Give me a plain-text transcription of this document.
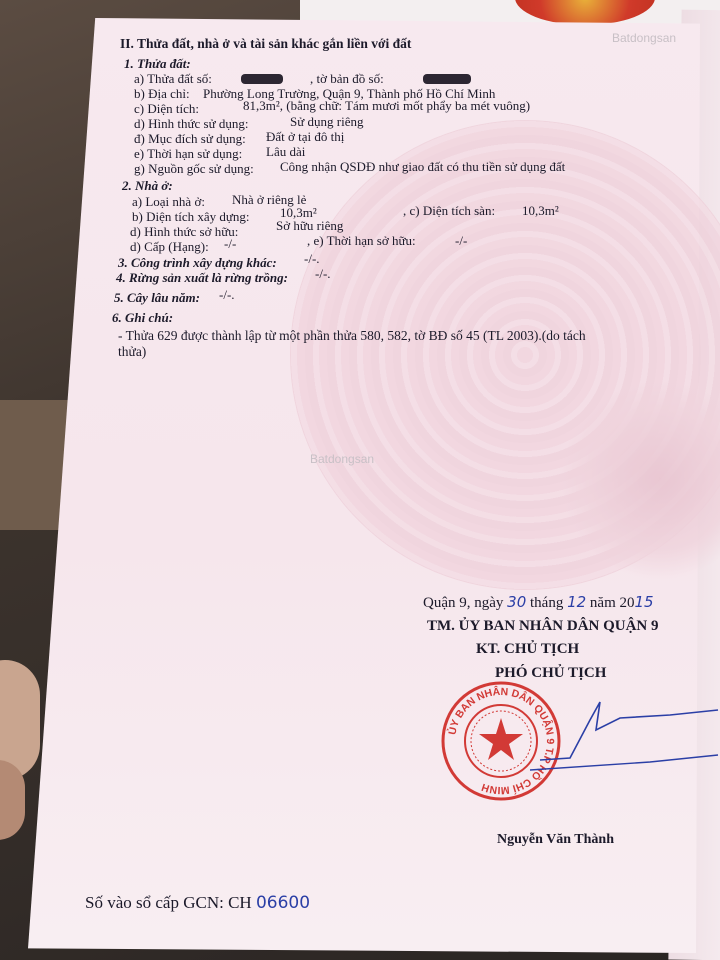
II. Thửa đất, nhà ở và tài sản khác gắn liền với đất
1. Thửa đất:
a) Thửa đất số:	, tờ bản đồ số:
b) Địa chỉ: Phường Long Trường, Quận 9, Thành phố Hồ Chí Minh
c) Diện tích:	81,3m², (bằng chữ: Tám mươi mốt phẩy ba mét vuông)
d) Hình thức sử dụng:	Sử dụng riêng
đ) Mục đích sử dụng: Đất ở tại đô thị
e) Thời hạn sử dụng: Lâu dài
g) Nguồn gốc sử dụng: Công nhận QSDĐ như giao đất có thu tiền sử dụng đất
2. Nhà ở:
a) Loại nhà ở: Nhà ở riêng lẻ
b) Diện tích xây dựng: 10,3m²	, c) Diện tích sàn: 10,3m²
d) Hình thức sở hữu:	Sở hữu riêng
d) Cấp (Hạng): -/-	, e) Thời hạn sở hữu:	-/-
3. Công trình xây dựng khác: -/-.
4. Rừng sản xuất là rừng trồng: -/-.
5. Cây lâu năm: -/-.
6. Ghi chú:
- Thửa 629 được thành lập từ một phần thửa 580, 582, tờ BĐ số 45 (TL 2003).(do tách
thửa)
Batdongsan
Batdongsan
Quận 9, ngày 30 tháng 12 năm 2015
TM. ỦY BAN NHÂN DÂN QUẬN 9
KT. CHỦ TỊCH
PHÓ CHỦ TỊCH
ỦY BAN NHÂN DÂN QUẬN 9 T.P HỒ CHÍ MINH
Nguyễn Văn Thành
Số vào sổ cấp GCN: CH 06600
